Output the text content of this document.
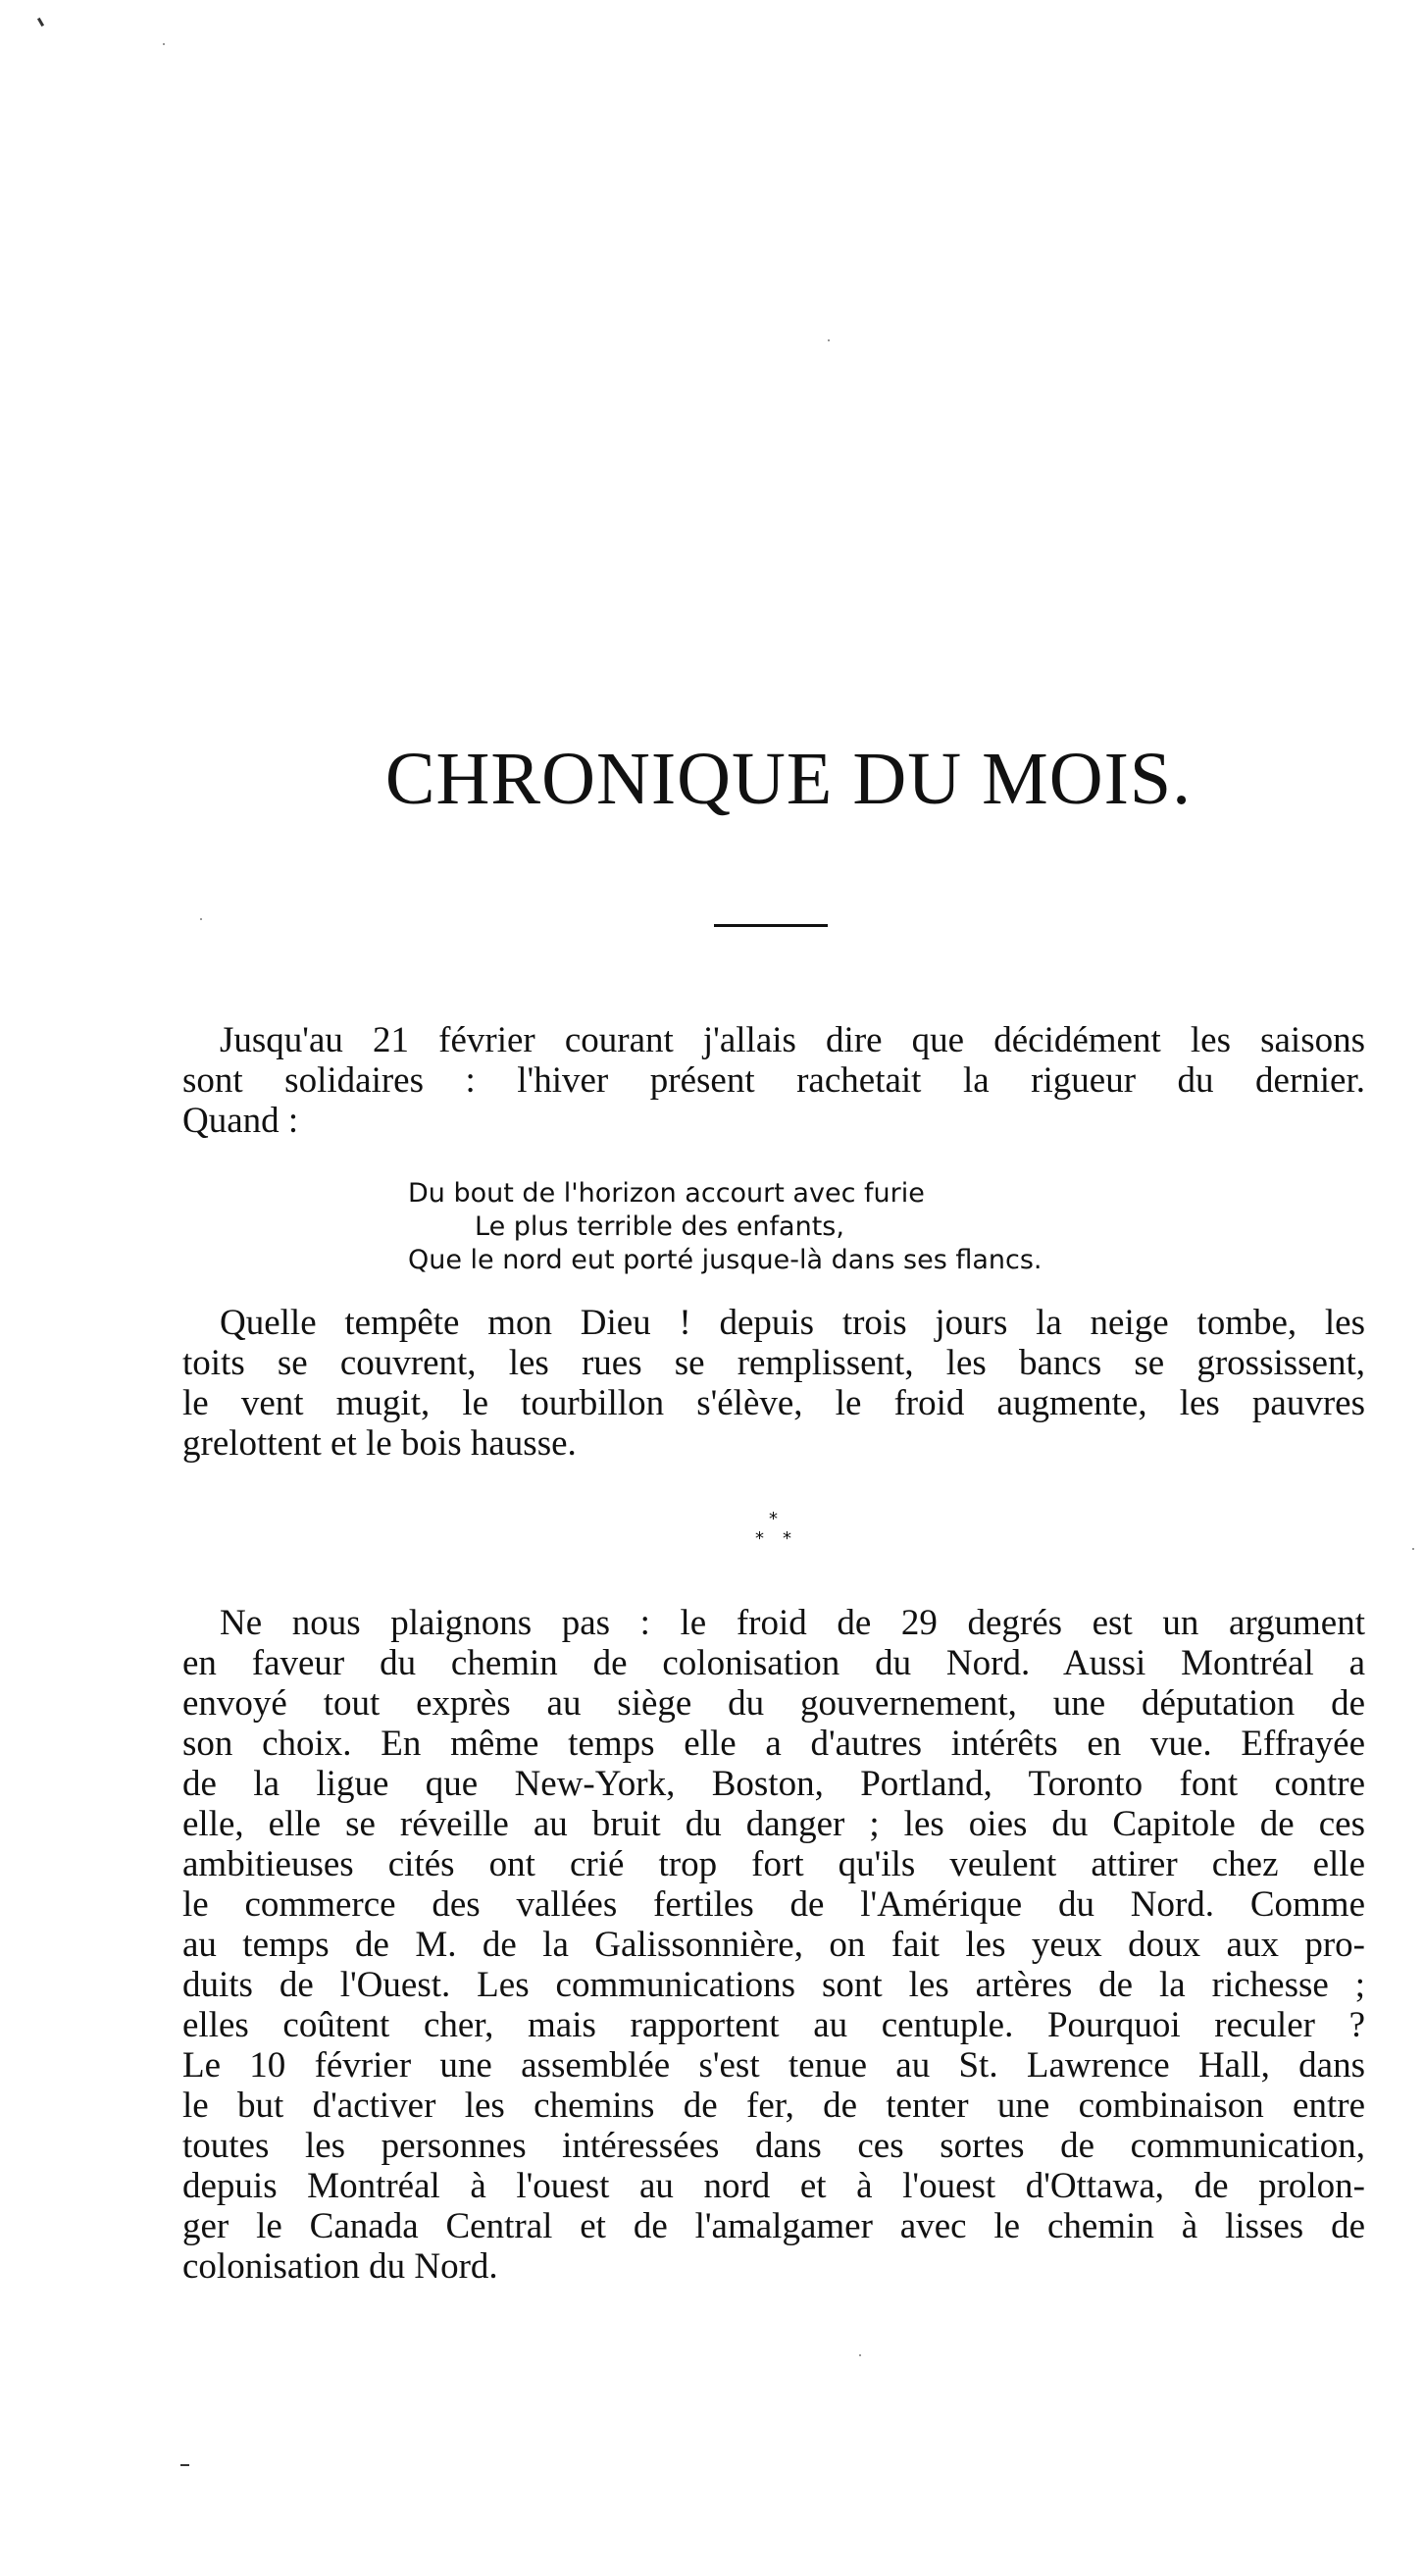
CHRONIQUE DU MOIS.

Jusqu'au 21 février courant j'allais dire que décidément les saisons
sont solidaires : l'hiver présent rachetait la rigueur du dernier.
Quand :

Du bout de l'horizon accourt avec furie
Le plus terrible des enfants,
Que le nord eut porté jusque-là dans ses flancs.

Quelle tempête mon Dieu ! depuis trois jours la neige tombe, les
toits se couvrent, les rues se remplissent, les bancs se grossissent,
le vent mugit, le tourbillon s'élève, le froid augmente, les pauvres
grelottent et le bois hausse.

*
* *

Ne nous plaignons pas : le froid de 29 degrés est un argument
en faveur du chemin de colonisation du Nord. Aussi Montréal a
envoyé tout exprès au siège du gouvernement, une députation de
son choix. En même temps elle a d'autres intérêts en vue. Effrayée
de la ligue que New-York, Boston, Portland, Toronto font contre
elle, elle se réveille au bruit du danger ; les oies du Capitole de ces
ambitieuses cités ont crié trop fort qu'ils veulent attirer chez elle
le commerce des vallées fertiles de l'Amérique du Nord. Comme
au temps de M. de la Galissonnière, on fait les yeux doux aux pro-
duits de l'Ouest. Les communications sont les artères de la richesse ;
elles coûtent cher, mais rapportent au centuple. Pourquoi reculer ?
Le 10 février une assemblée s'est tenue au St. Lawrence Hall, dans
le but d'activer les chemins de fer, de tenter une combinaison entre
toutes les personnes intéressées dans ces sortes de communication,
depuis Montréal à l'ouest au nord et à l'ouest d'Ottawa, de prolon-
ger le Canada Central et de l'amalgamer avec le chemin à lisses de
colonisation du Nord.
